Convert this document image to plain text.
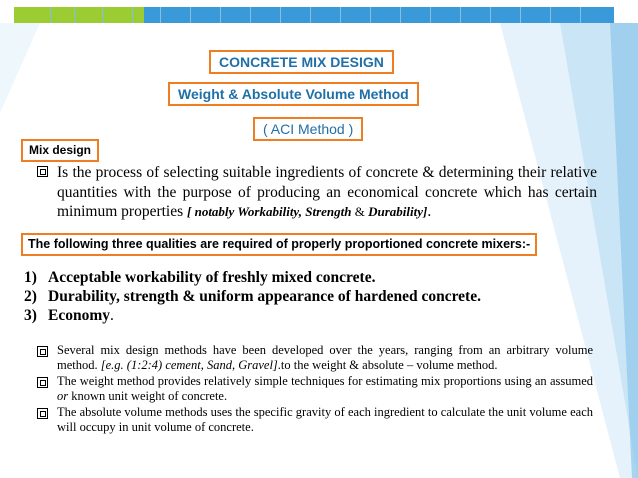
CONCRETE MIX DESIGN
Weight & Absolute Volume Method
( ACI Method )
Mix design
Is the process of selecting suitable ingredients of concrete & determining their relative quantities with the purpose of producing an economical concrete which has certain minimum properties [ notably Workability, Strength & Durability].
The following three qualities are required of properly proportioned concrete mixers:-
1) Acceptable workability of freshly mixed concrete.
2) Durability, strength & uniform appearance of hardened concrete.
3) Economy.
Several mix design methods have been developed over the years, ranging from an arbitrary volume method. [e.g. (1:2:4) cement, Sand, Gravel].to the weight & absolute – volume method.
The weight method provides relatively simple techniques for estimating mix proportions using an assumed or known unit weight of concrete.
The absolute volume methods uses the specific gravity of each ingredient to calculate the unit volume each will occupy in unit volume of concrete.
